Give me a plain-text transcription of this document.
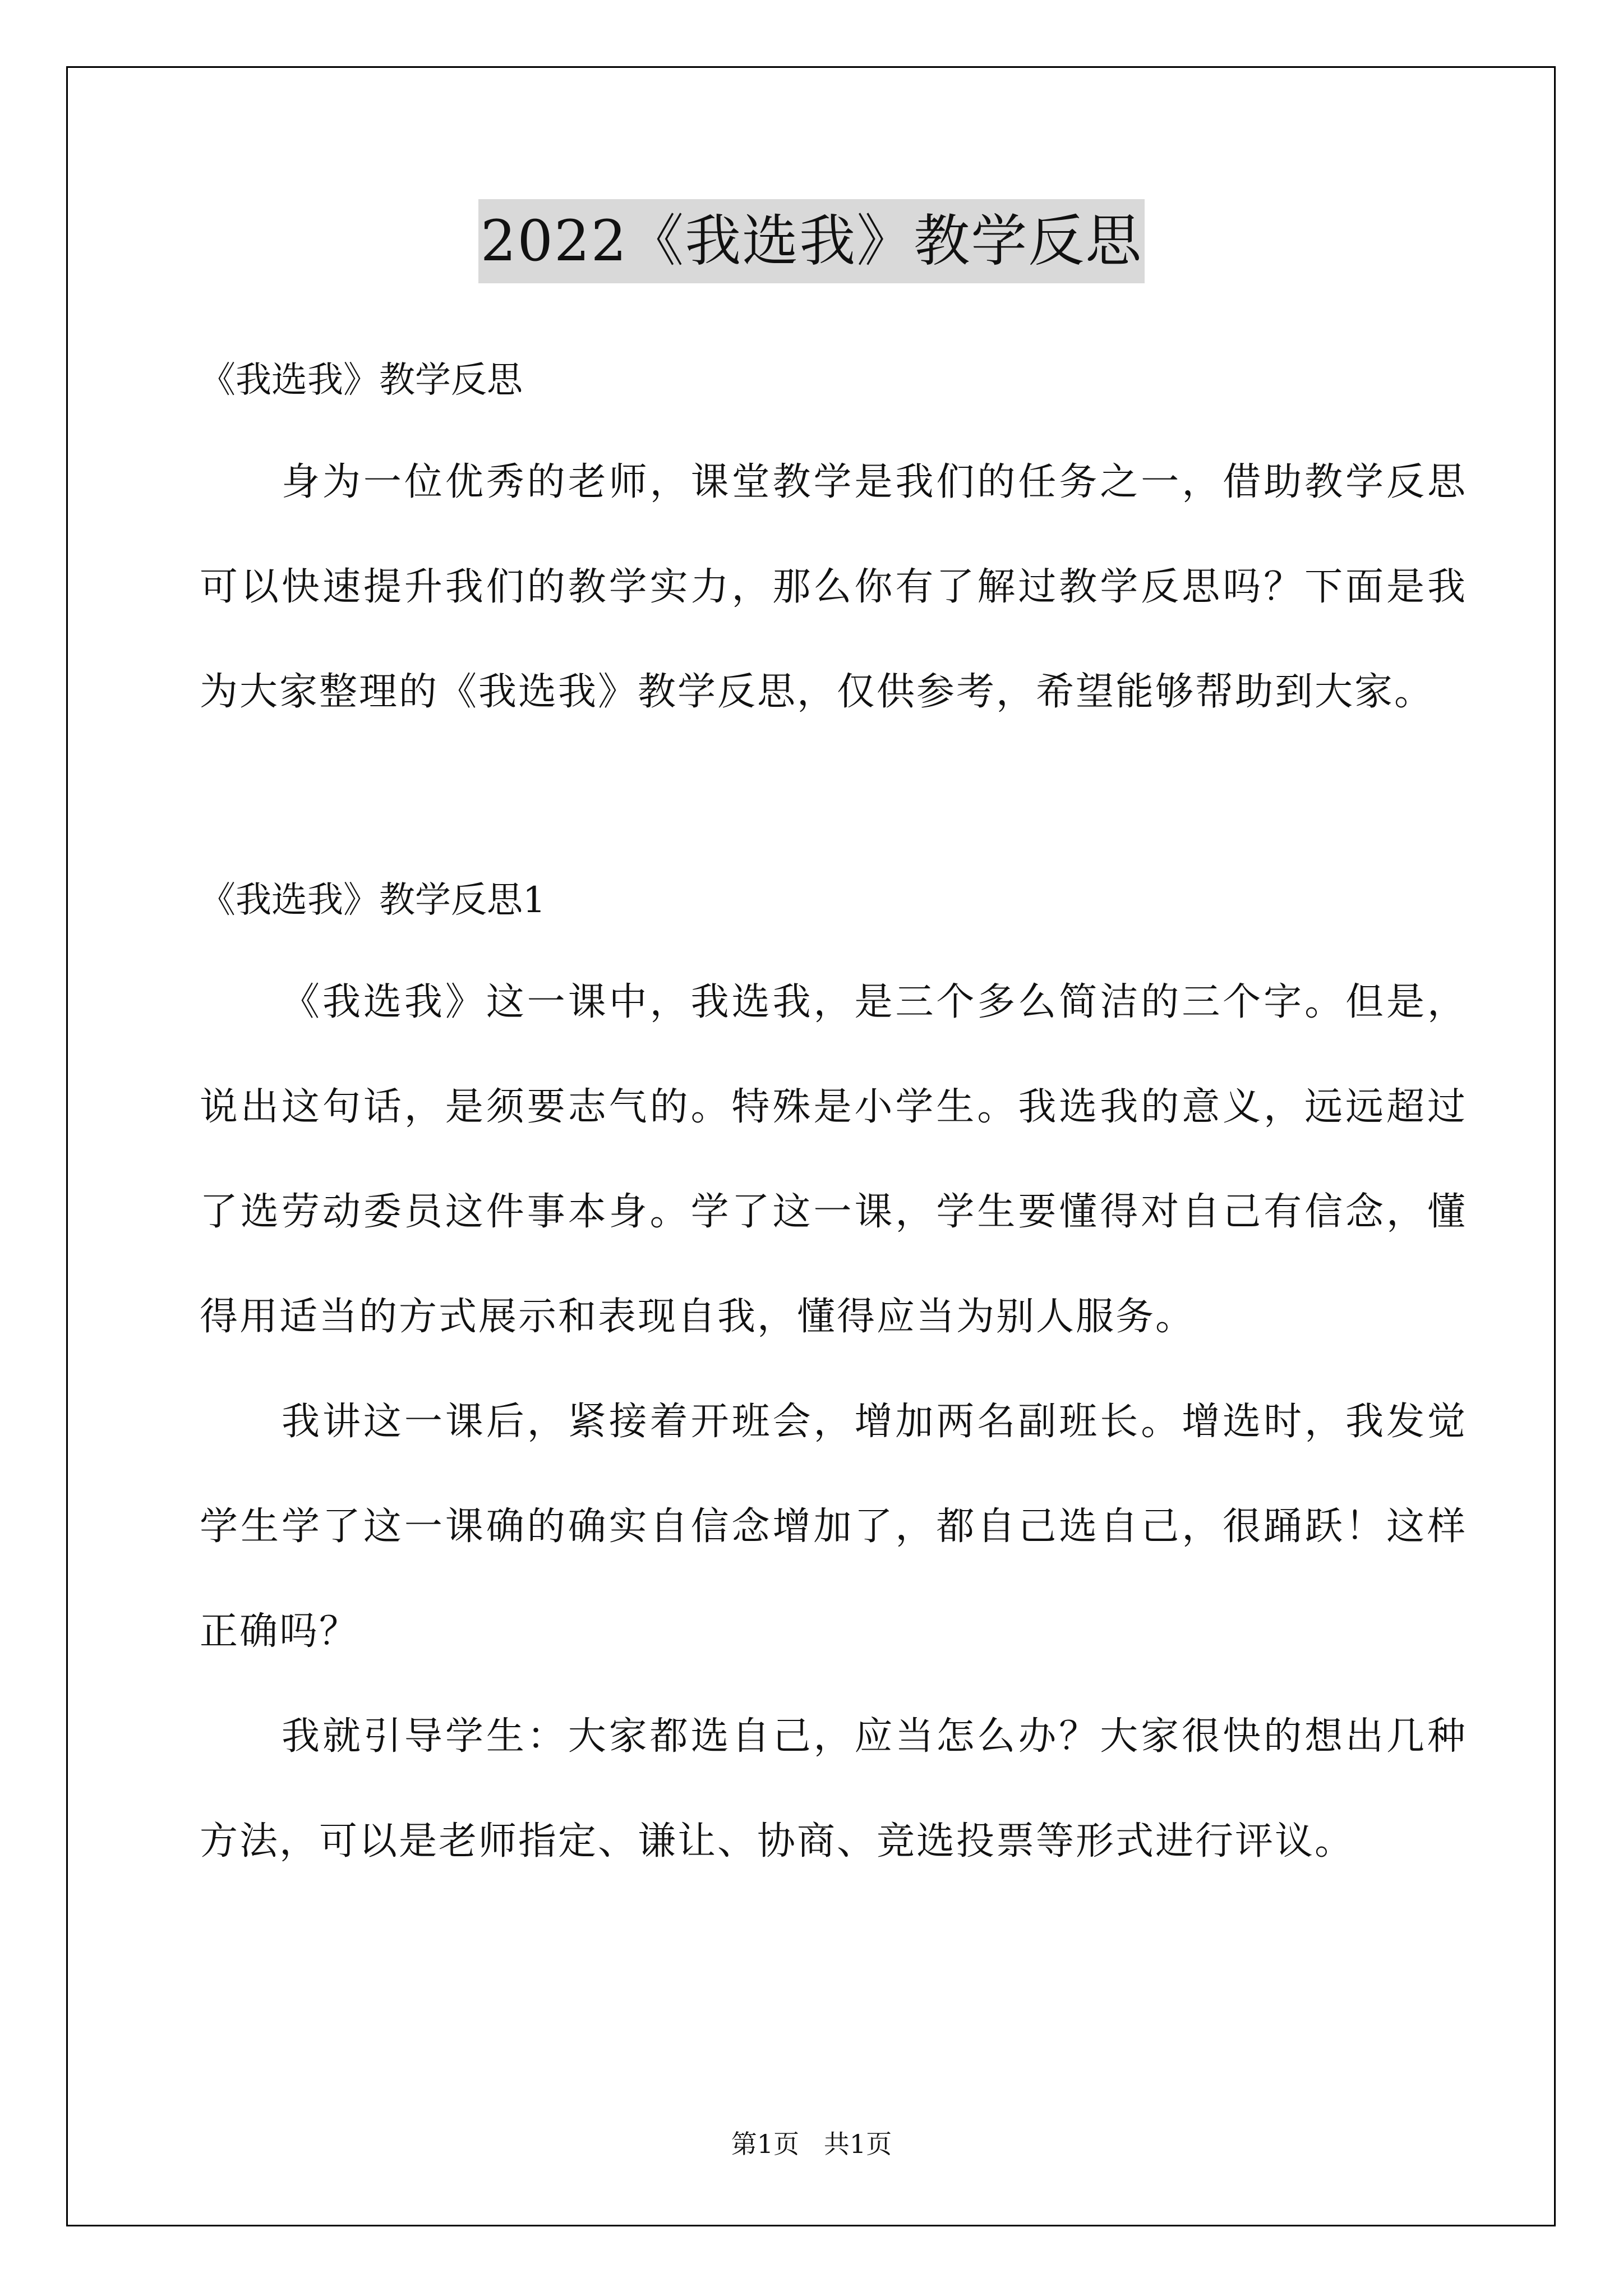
2022《我选我》教学反思

《我选我》教学反思

身为一位优秀的老师，课堂教学是我们的任务之一，借助教学反思可以快速提升我们的教学实力，那么你有了解过教学反思吗？下面是我为大家整理的《我选我》教学反思，仅供参考，希望能够帮助到大家。

《我选我》教学反思1

《我选我》这一课中，我选我，是三个多么简洁的三个字。但是，说出这句话，是须要志气的。特殊是小学生。我选我的意义，远远超过了选劳动委员这件事本身。学了这一课，学生要懂得对自己有信念，懂得用适当的方式展示和表现自我，懂得应当为别人服务。

我讲这一课后，紧接着开班会，增加两名副班长。增选时，我发觉学生学了这一课确的确实自信念增加了，都自己选自己，很踊跃！这样正确吗？

我就引导学生：大家都选自己，应当怎么办？大家很快的想出几种方法，可以是老师指定、谦让、协商、竞选投票等形式进行评议。

第1页   共1页
